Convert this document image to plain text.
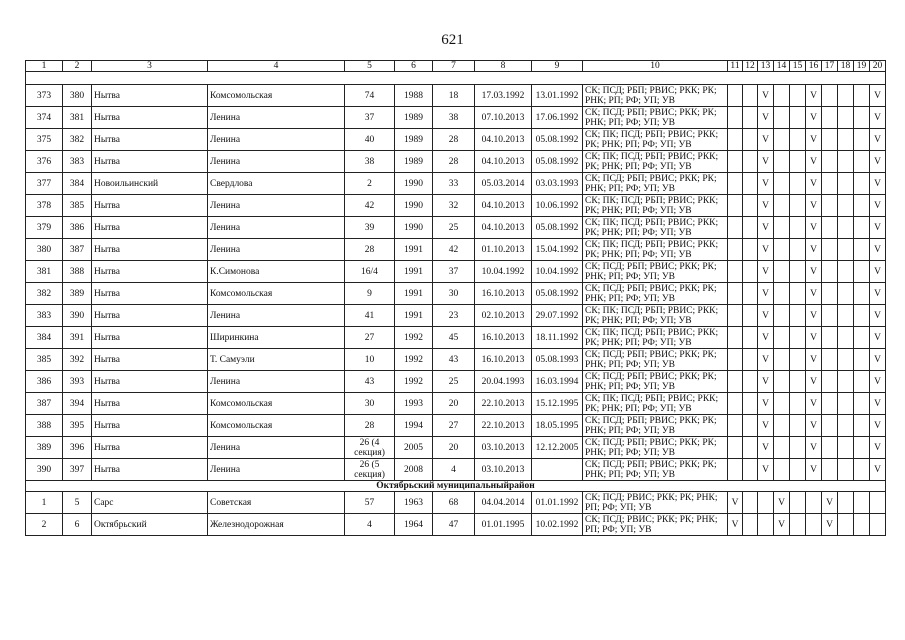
621
1	2	3	4	5	6	7	8	9	10	11	12	13	14	15	16	17	18	19	20

373	380	Нытва	Комсомольская	74	1988	18	17.03.1992	13.01.1992	СК; ПСД; РБП; РВИС; РКК; РК; РНК; РП; РФ; УП; УВ			V			V				V
374	381	Нытва	Ленина	37	1989	38	07.10.2013	17.06.1992	СК; ПСД; РБП; РВИС; РКК; РК; РНК; РП; РФ; УП; УВ			V			V				V
375	382	Нытва	Ленина	40	1989	28	04.10.2013	05.08.1992	СК; ПК; ПСД; РБП; РВИС; РКК; РК; РНК; РП; РФ; УП; УВ			V			V				V
376	383	Нытва	Ленина	38	1989	28	04.10.2013	05.08.1992	СК; ПК; ПСД; РБП; РВИС; РКК; РК; РНК; РП; РФ; УП; УВ			V			V				V
377	384	Новоильинский	Свердлова	2	1990	33	05.03.2014	03.03.1993	СК; ПСД; РБП; РВИС; РКК; РК; РНК; РП; РФ; УП; УВ			V			V				V
378	385	Нытва	Ленина	42	1990	32	04.10.2013	10.06.1992	СК; ПК; ПСД; РБП; РВИС; РКК; РК; РНК; РП; РФ; УП; УВ			V			V				V
379	386	Нытва	Ленина	39	1990	25	04.10.2013	05.08.1992	СК; ПК; ПСД; РБП; РВИС; РКК; РК; РНК; РП; РФ; УП; УВ			V			V				V
380	387	Нытва	Ленина	28	1991	42	01.10.2013	15.04.1992	СК; ПК; ПСД; РБП; РВИС; РКК; РК; РНК; РП; РФ; УП; УВ			V			V				V
381	388	Нытва	К.Симонова	16/4	1991	37	10.04.1992	10.04.1992	СК; ПСД; РБП; РВИС; РКК; РК; РНК; РП; РФ; УП; УВ			V			V				V
382	389	Нытва	Комсомольская	9	1991	30	16.10.2013	05.08.1992	СК; ПСД; РБП; РВИС; РКК; РК; РНК; РП; РФ; УП; УВ			V			V				V
383	390	Нытва	Ленина	41	1991	23	02.10.2013	29.07.1992	СК; ПК; ПСД; РБП; РВИС; РКК; РК; РНК; РП; РФ; УП; УВ			V			V				V
384	391	Нытва	Ширинкина	27	1992	45	16.10.2013	18.11.1992	СК; ПК; ПСД; РБП; РВИС; РКК; РК; РНК; РП; РФ; УП; УВ			V			V				V
385	392	Нытва	Т. Самуэли	10	1992	43	16.10.2013	05.08.1993	СК; ПСД; РБП; РВИС; РКК; РК; РНК; РП; РФ; УП; УВ			V			V				V
386	393	Нытва	Ленина	43	1992	25	20.04.1993	16.03.1994	СК; ПСД; РБП; РВИС; РКК; РК; РНК; РП; РФ; УП; УВ			V			V				V
387	394	Нытва	Комсомольская	30	1993	20	22.10.2013	15.12.1995	СК; ПК; ПСД; РБП; РВИС; РКК; РК; РНК; РП; РФ; УП; УВ			V			V				V
388	395	Нытва	Комсомольская	28	1994	27	22.10.2013	18.05.1995	СК; ПСД; РБП; РВИС; РКК; РК; РНК; РП; РФ; УП; УВ			V			V				V
389	396	Нытва	Ленина	26 (4 секция)	2005	20	03.10.2013	12.12.2005	СК; ПСД; РБП; РВИС; РКК; РК; РНК; РП; РФ; УП; УВ			V			V				V
390	397	Нытва	Ленина	26 (5 секция)	2008	4	03.10.2013		СК; ПСД; РБП; РВИС; РКК; РК; РНК; РП; РФ; УП; УВ			V			V				V
Октябрьский муниципальныйрайон																			
1	5	Сарс	Советская	57	1963	68	04.04.2014	01.01.1992	СК; ПСД; РВИС; РКК; РК; РНК; РП; РФ; УП; УВ	V			V			V			
2	6	Октябрьский	Железнодорожная	4	1964	47	01.01.1995	10.02.1992	СК; ПСД; РВИС; РКК; РК; РНК; РП; РФ; УП; УВ	V			V			V			
